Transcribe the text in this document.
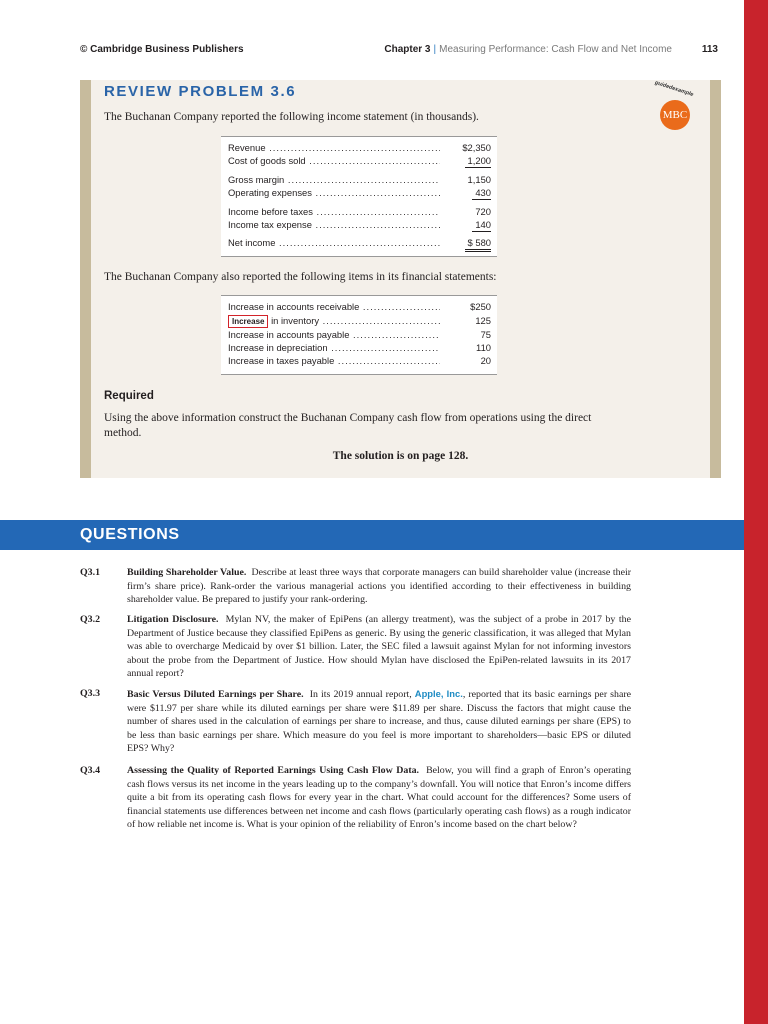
© Cambridge Business Publishers	Chapter 3 | Measuring Performance: Cash Flow and Net Income	113
REVIEW PROBLEM 3.6	guidedexample
MBC
The Buchanan Company reported the following income statement (in thousands).
Revenue .....	$2,350
Cost of goods sold .....	1,200
Gross margin .....	1,150
Operating expenses .....	430
Income before taxes .....	720
Income tax expense .....	140
Net income .....	$ 580
The Buchanan Company also reported the following items in its financial statements:
Increase in accounts receivable .....	$250
Increase in inventory .....	125
Increase in accounts payable .....	75
Increase in depreciation .....	110
Increase in taxes payable .....	20
Required
Using the above information construct the Buchanan Company cash flow from operations using the direct method.
The solution is on page 128.
QUESTIONS
Q3.1	Building Shareholder Value. Describe at least three ways that corporate managers can build shareholder value (increase their firm’s share price). Rank-order the various managerial actions you identified according to their effectiveness in building shareholder value. Be prepared to justify your rank-ordering.
Q3.2	Litigation Disclosure. Mylan NV, the maker of EpiPens (an allergy treatment), was the subject of a probe in 2017 by the Department of Justice because they classified EpiPens as generic. By using the generic classification, it was alleged that Mylan was able to overcharge Medicaid by over $1 billion. Later, the SEC filed a lawsuit against Mylan for not informing investors about the probe from the Department of Justice. How should Mylan have disclosed the EpiPen-related lawsuits in its 2017 annual report?
Q3.3	Basic Versus Diluted Earnings per Share. In its 2019 annual report, Apple, Inc., reported that its basic earnings per share were $11.97 per share while its diluted earnings per share were $11.89 per share. Discuss the factors that might cause the number of shares used in the calculation of earnings per share to increase, and thus, cause diluted earnings per share (EPS) to be less than basic earnings per share. Which measure do you feel is more important to shareholders—basic EPS or diluted EPS? Why?
Q3.4	Assessing the Quality of Reported Earnings Using Cash Flow Data. Below, you will find a graph of Enron’s operating cash flows versus its net income in the years leading up to the company’s downfall. You will notice that Enron’s income differs quite a bit from its operating cash flows for every year in the chart. What could account for the differences? Some users of financial statements use differences between net income and cash flows (particularly operating cash flows) as a rough indicator of how reliable net income is. What is your opinion of the reliability of Enron’s income based on the chart below?
